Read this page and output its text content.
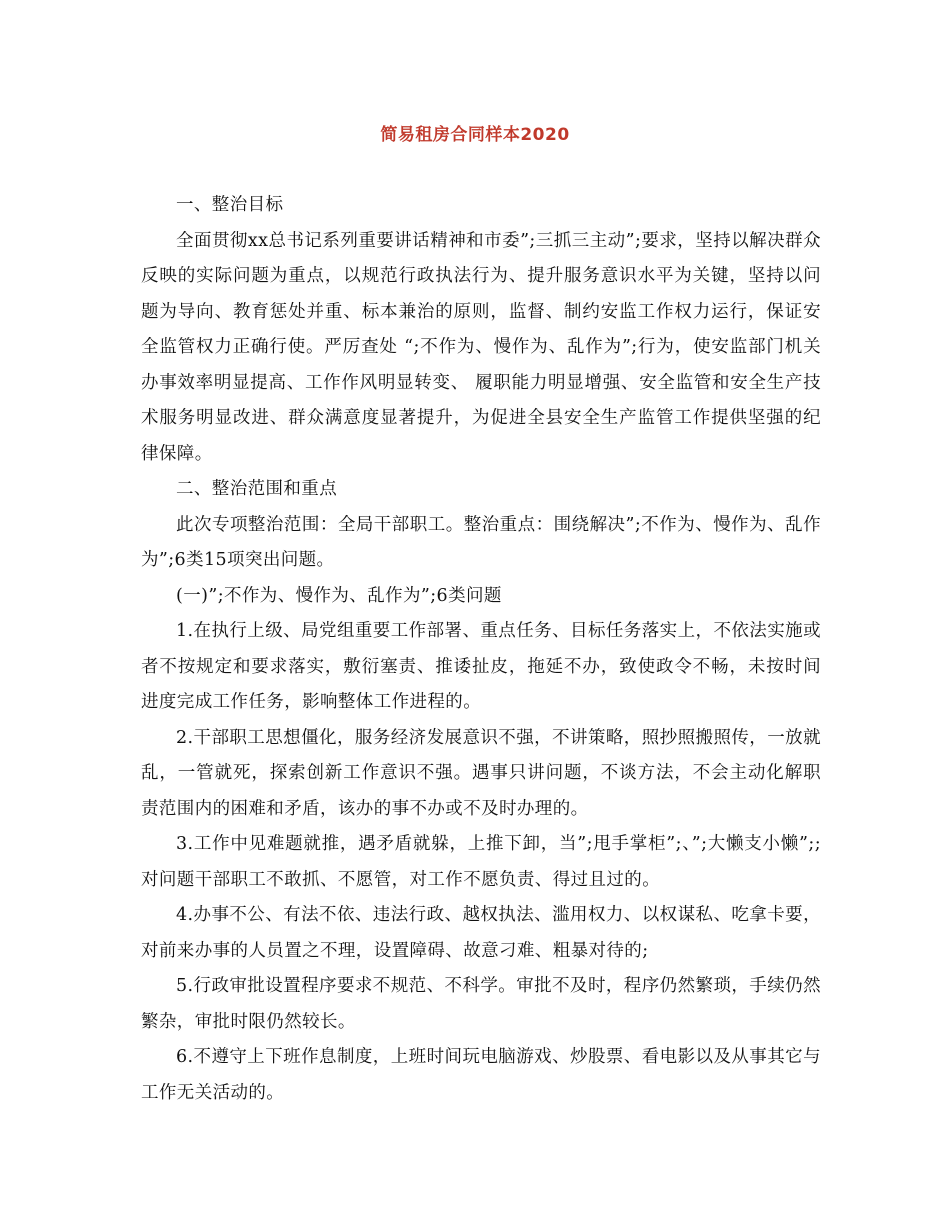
简易租房合同样本2020

一、整治目标

全面贯彻xx总书记系列重要讲话精神和市委”;三抓三主动”;要求，坚持以解决群众反映的实际问题为重点，以规范行政执法行为、提升服务意识水平为关键，坚持以问题为导向、教育惩处并重、标本兼治的原则，监督、制约安监工作权力运行，保证安全监管权力正确行使。严厉查处 “;不作为、慢作为、乱作为”;行为，使安监部门机关办事效率明显提高、工作作风明显转变、 履职能力明显增强、安全监管和安全生产技术服务明显改进、群众满意度显著提升，为促进全县安全生产监管工作提供坚强的纪律保障。

二、整治范围和重点

此次专项整治范围：全局干部职工。整治重点：围绕解决”;不作为、慢作为、乱作为”;6类15项突出问题。

(一)”;不作为、慢作为、乱作为”;6类问题

1.在执行上级、局党组重要工作部署、重点任务、目标任务落实上，不依法实施或者不按规定和要求落实，敷衍塞责、推诿扯皮，拖延不办，致使政令不畅，未按时间进度完成工作任务，影响整体工作进程的。

2.干部职工思想僵化，服务经济发展意识不强，不讲策略，照抄照搬照传，一放就乱，一管就死，探索创新工作意识不强。遇事只讲问题，不谈方法，不会主动化解职责范围内的困难和矛盾，该办的事不办或不及时办理的。

3.工作中见难题就推，遇矛盾就躲，上推下卸，当”;甩手掌柜”;、”;大懒支小懒”;;对问题干部职工不敢抓、不愿管，对工作不愿负责、得过且过的。

4.办事不公、有法不依、违法行政、越权执法、滥用权力、以权谋私、吃拿卡要，对前来办事的人员置之不理，设置障碍、故意刁难、粗暴对待的;

5.行政审批设置程序要求不规范、不科学。审批不及时，程序仍然繁琐，手续仍然繁杂，审批时限仍然较长。

6.不遵守上下班作息制度，上班时间玩电脑游戏、炒股票、看电影以及从事其它与工作无关活动的。
